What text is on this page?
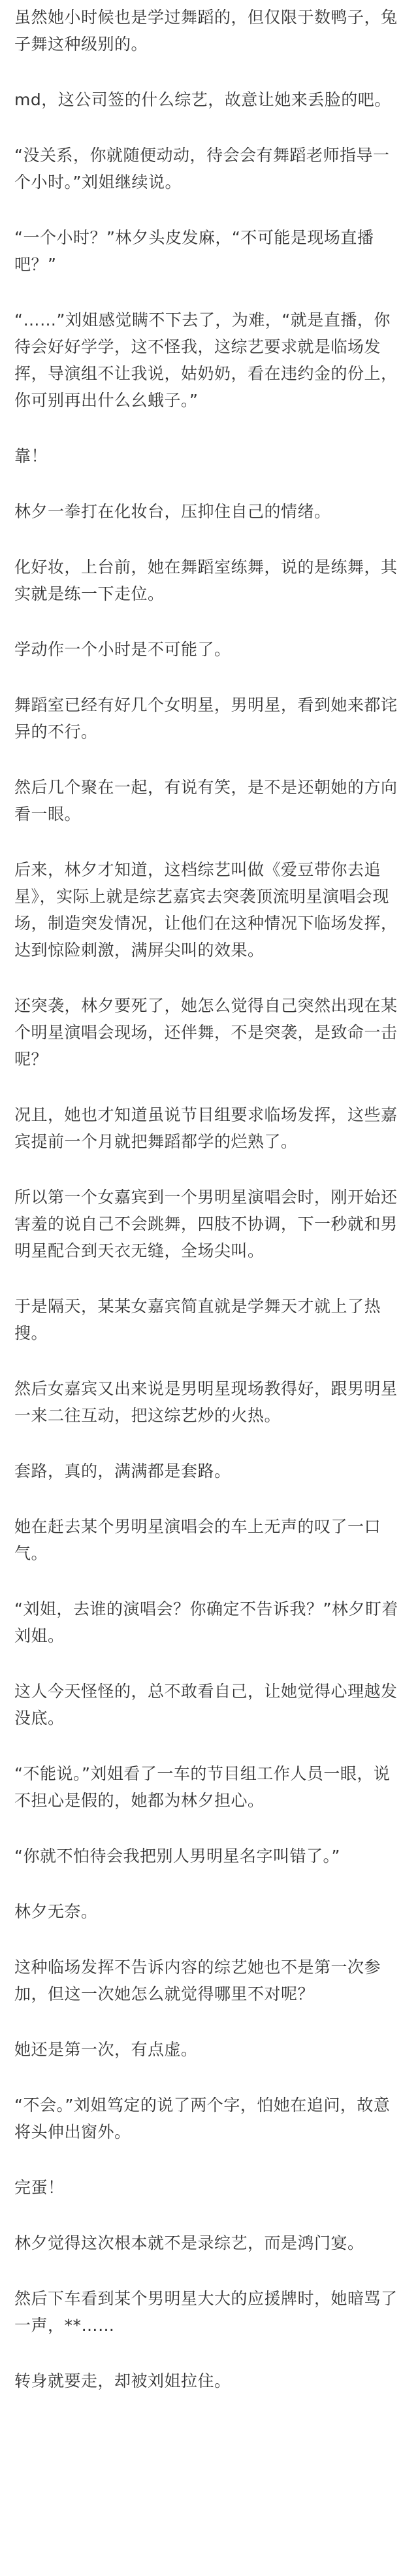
虽然她小时候也是学过舞蹈的，但仅限于数鸭子，兔子舞这种级别的。

md，这公司签的什么综艺，故意让她来丢脸的吧。

“没关系，你就随便动动，待会会有舞蹈老师指导一个小时。”刘姐继续说。

“一个小时？”林夕头皮发麻，“不可能是现场直播吧？”

“……”刘姐感觉瞒不下去了，为难，“就是直播，你待会好好学学，这不怪我，这综艺要求就是临场发挥，导演组不让我说，姑奶奶，看在违约金的份上，你可别再出什么幺蛾子。”

靠！

林夕一拳打在化妆台，压抑住自己的情绪。

化好妆，上台前，她在舞蹈室练舞，说的是练舞，其实就是练一下走位。

学动作一个小时是不可能了。

舞蹈室已经有好几个女明星，男明星，看到她来都诧异的不行。

然后几个聚在一起，有说有笑，是不是还朝她的方向看一眼。

后来，林夕才知道，这档综艺叫做《爱豆带你去追星》，实际上就是综艺嘉宾去突袭顶流明星演唱会现场，制造突发情况，让他们在这种情况下临场发挥，达到惊险刺激，满屏尖叫的效果。

还突袭，林夕要死了，她怎么觉得自己突然出现在某个明星演唱会现场，还伴舞，不是突袭，是致命一击呢？

况且，她也才知道虽说节目组要求临场发挥，这些嘉宾提前一个月就把舞蹈都学的烂熟了。

所以第一个女嘉宾到一个男明星演唱会时，刚开始还害羞的说自己不会跳舞，四肢不协调，下一秒就和男明星配合到天衣无缝，全场尖叫。

于是隔天，某某女嘉宾简直就是学舞天才就上了热搜。

然后女嘉宾又出来说是男明星现场教得好，跟男明星一来二往互动，把这综艺炒的火热。

套路，真的，满满都是套路。

她在赶去某个男明星演唱会的车上无声的叹了一口气。

“刘姐，去谁的演唱会？你确定不告诉我？”林夕盯着刘姐。

这人今天怪怪的，总不敢看自己，让她觉得心理越发没底。

“不能说。”刘姐看了一车的节目组工作人员一眼，说不担心是假的，她都为林夕担心。

“你就不怕待会我把别人男明星名字叫错了。”

林夕无奈。

这种临场发挥不告诉内容的综艺她也不是第一次参加，但这一次她怎么就觉得哪里不对呢？

她还是第一次，有点虚。

“不会。”刘姐笃定的说了两个字，怕她在追问，故意将头伸出窗外。

完蛋！

林夕觉得这次根本就不是录综艺，而是鸿门宴。

然后下车看到某个男明星大大的应援牌时，她暗骂了一声，**……

转身就要走，却被刘姐拉住。
